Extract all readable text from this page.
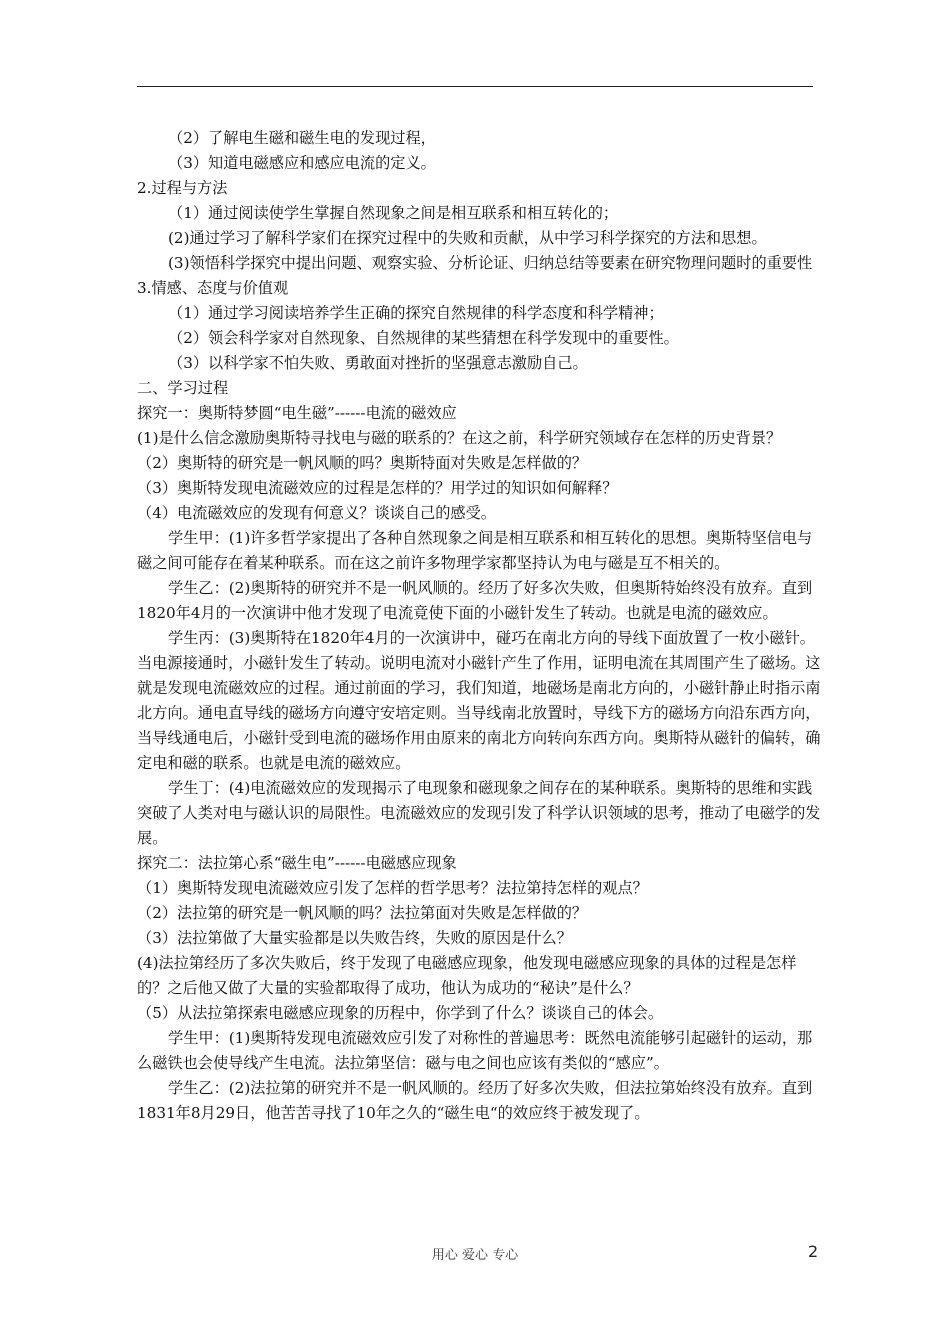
（2）了解电生磁和磁生电的发现过程，

（3）知道电磁感应和感应电流的定义。

2.过程与方法

（1）通过阅读使学生掌握自然现象之间是相互联系和相互转化的；

(2)通过学习了解科学家们在探究过程中的失败和贡献，从中学习科学探究的方法和思想。

(3)领悟科学探究中提出问题、观察实验、分析论证、归纳总结等要素在研究物理问题时的重要性

3.情感、态度与价值观

（1）通过学习阅读培养学生正确的探究自然规律的科学态度和科学精神；

（2）领会科学家对自然现象、自然规律的某些猜想在科学发现中的重要性。

（3）以科学家不怕失败、勇敢面对挫折的坚强意志激励自己。

二、学习过程

探究一：奥斯特梦圆“电生磁”------电流的磁效应

(1)是什么信念激励奥斯特寻找电与磁的联系的？在这之前，科学研究领域存在怎样的历史背景？

（2）奥斯特的研究是一帆风顺的吗？奥斯特面对失败是怎样做的？

（3）奥斯特发现电流磁效应的过程是怎样的？用学过的知识如何解释？

（4）电流磁效应的发现有何意义？谈谈自己的感受。

学生甲：(1)许多哲学家提出了各种自然现象之间是相互联系和相互转化的思想。奥斯特坚信电与磁之间可能存在着某种联系。而在这之前许多物理学家都坚持认为电与磁是互不相关的。

学生乙：(2)奥斯特的研究并不是一帆风顺的。经历了好多次失败，但奥斯特始终没有放弃。直到1820年4月的一次演讲中他才发现了电流竟使下面的小磁针发生了转动。也就是电流的磁效应。

学生丙：(3)奥斯特在1820年4月的一次演讲中，碰巧在南北方向的导线下面放置了一枚小磁针。当电源接通时，小磁针发生了转动。说明电流对小磁针产生了作用，证明电流在其周围产生了磁场。这就是发现电流磁效应的过程。通过前面的学习，我们知道，地磁场是南北方向的，小磁针静止时指示南北方向。通电直导线的磁场方向遵守安培定则。当导线南北放置时，导线下方的磁场方向沿东西方向，当导线通电后，小磁针受到电流的磁场作用由原来的南北方向转向东西方向。奥斯特从磁针的偏转，确定电和磁的联系。也就是电流的磁效应。

学生丁：(4)电流磁效应的发现揭示了电现象和磁现象之间存在的某种联系。奥斯特的思维和实践突破了人类对电与磁认识的局限性。电流磁效应的发现引发了科学认识领域的思考，推动了电磁学的发展。

探究二：法拉第心系“磁生电”------电磁感应现象

（1）奥斯特发现电流磁效应引发了怎样的哲学思考？法拉第持怎样的观点？

（2）法拉第的研究是一帆风顺的吗？法拉第面对失败是怎样做的？

（3）法拉第做了大量实验都是以失败告终，失败的原因是什么？

(4)法拉第经历了多次失败后，终于发现了电磁感应现象，他发现电磁感应现象的具体的过程是怎样的？之后他又做了大量的实验都取得了成功，他认为成功的“秘诀”是什么？

（5）从法拉第探索电磁感应现象的历程中，你学到了什么？谈谈自己的体会。

学生甲：(1)奥斯特发现电流磁效应引发了对称性的普遍思考：既然电流能够引起磁针的运动，那么磁铁也会使导线产生电流。法拉第坚信：磁与电之间也应该有类似的“感应”。

学生乙：(2)法拉第的研究并不是一帆风顺的。经历了好多次失败，但法拉第始终没有放弃。直到1831年8月29日，他苦苦寻找了10年之久的“磁生电“的效应终于被发现了。

用心 爱心 专心	2
